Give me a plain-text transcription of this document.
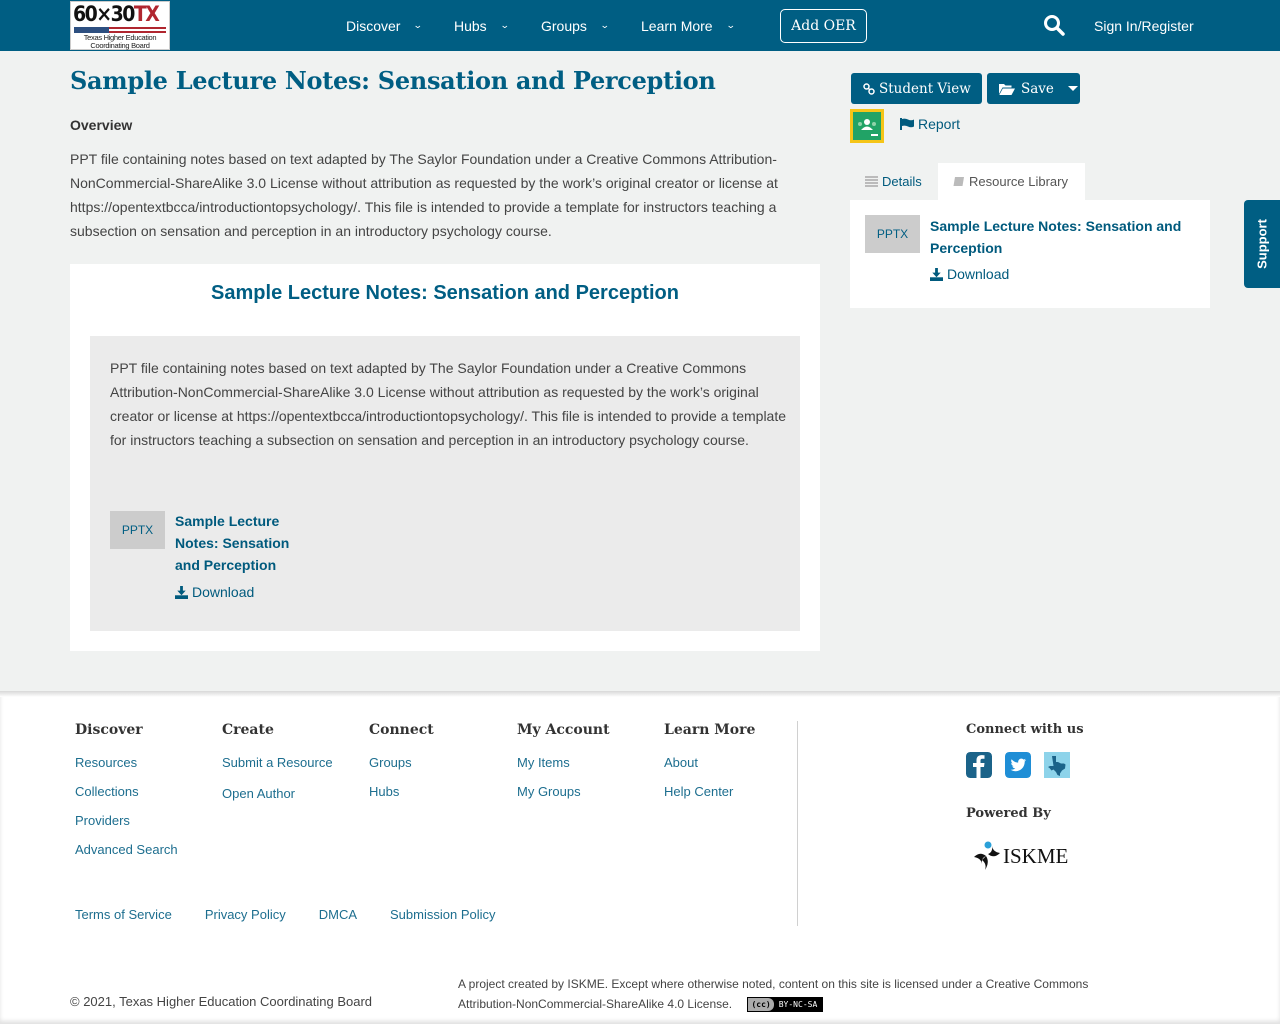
60×30TX
Texas Higher Education
Coordinating Board
Discover ⌄ Hubs ⌄ Groups ⌄ Learn More ⌄	Add OER	Sign In/Register
Sample Lecture Notes: Sensation and Perception
Overview

PPT file containing notes based on text adapted by The Saylor Foundation under a Creative Commons Attribution-NonCommercial-ShareAlike 3.0 License without attribution as requested by the work’s original creator or license at https://opentextbcca/introductiontopsychology/. This file is intended to provide a template for instructors teaching a subsection on sensation and perception in an introductory psychology course.

Sample Lecture Notes: Sensation and Perception

PPT file containing notes based on text adapted by The Saylor Foundation under a Creative Commons Attribution-NonCommercial-ShareAlike 3.0 License without attribution as requested by the work’s original creator or license at https://opentextbcca/introductiontopsychology/. This file is intended to provide a template for instructors teaching a subsection on sensation and perception in an introductory psychology course.

PPTX
Sample Lecture Notes: Sensation and Perception
Download
Student View	Save
Report
Details	Resource Library
PPTX	Sample Lecture Notes: Sensation and Perception
Download
Support
Discover
Resources
Collections
Providers
Advanced Search
Create
Submit a Resource
Open Author
Connect
Groups
Hubs
My Account
My Items
My Groups
Learn More
About
Help Center
Connect with us
Powered By
ISKME
Terms of Service	Privacy Policy	DMCA	Submission Policy
© 2021, Texas Higher Education Coordinating Board
A project created by ISKME. Except where otherwise noted, content on this site is licensed under a Creative Commons Attribution-NonCommercial-ShareAlike 4.0 License.	(cc)	BY-NC-SA
